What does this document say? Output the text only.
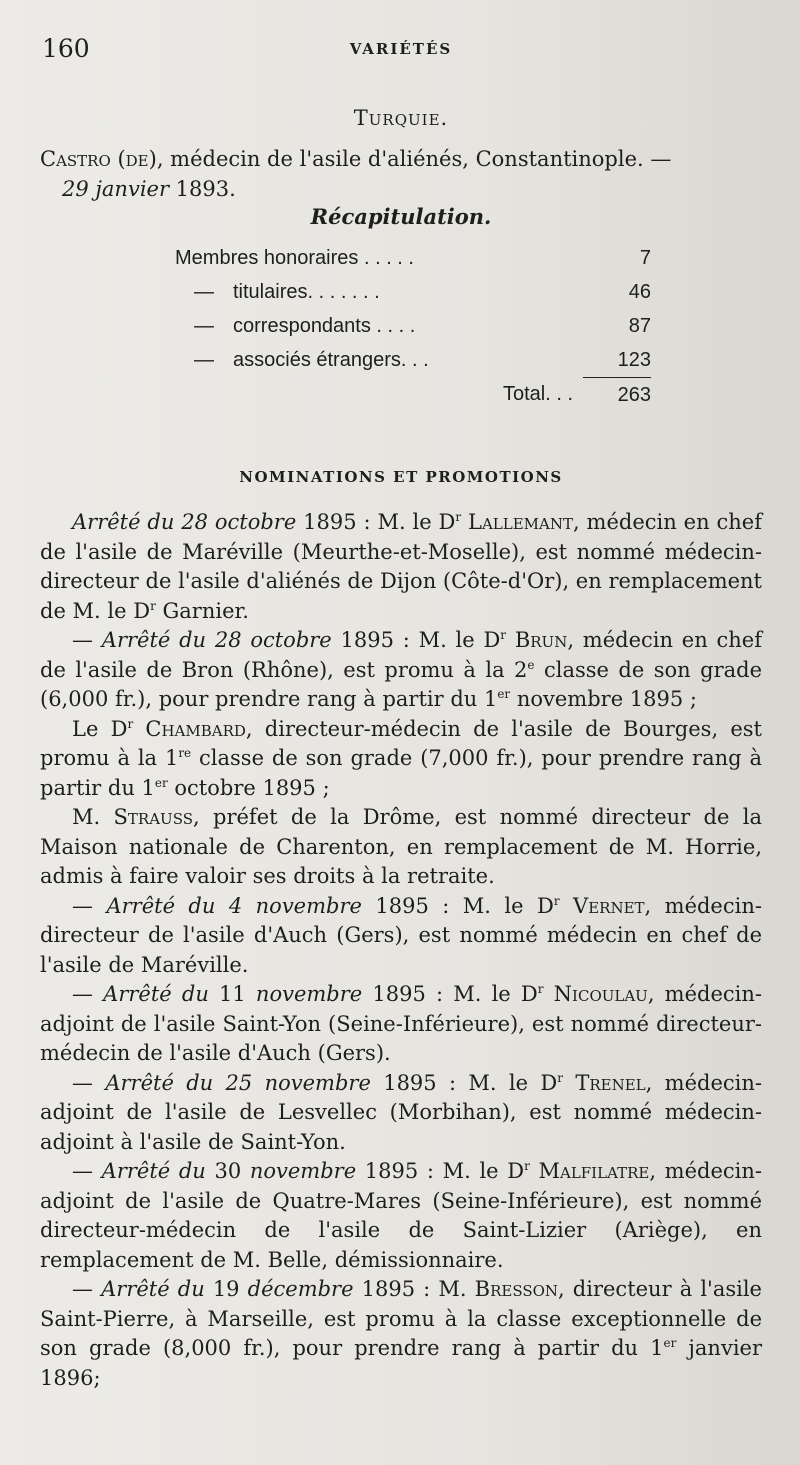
160	VARIÉTÉS
Turquie.
Castro (de), médecin de l'asile d'aliénés, Constantinople. —
29 janvier 1893.
Récapitulation.
Membres honoraires . . . . .		7
—	titulaires. . . . . . .	46
—	correspondants . . . .	87
—	associés étrangers. . .	123
	Total. . .	263
NOMINATIONS ET PROMOTIONS

Arrêté du 28 octobre 1895 : M. le $D^r$ Lallemant, médecin en chef de l'asile de Maréville (Meurthe-et-Moselle), est nommé médecin-directeur de l'asile d'aliénés de Dijon (Côte-d'Or), en remplacement de M. le $D^r$ Garnier.

— Arrêté du 28 octobre 1895 : M. le $D^r$ Brun, médecin en chef de l'asile de Bron (Rhône), est promu à la 2e classe de son grade (6,000 fr.), pour prendre rang à partir du 1er novembre 1895 ;

Le $D^r$ Chambard, directeur-médecin de l'asile de Bourges, est promu à la 1re classe de son grade (7,000 fr.), pour prendre rang à partir du 1er octobre 1895 ;

M. Strauss, préfet de la Drôme, est nommé directeur de la Maison nationale de Charenton, en remplacement de M. Horrie, admis à faire valoir ses droits à la retraite.

— Arrêté du 4 novembre 1895 : M. le $D^r$ Vernet, médecin-directeur de l'asile d'Auch (Gers), est nommé médecin en chef de l'asile de Maréville.

— Arrêté du 11 novembre 1895 : M. le $D^r$ Nicoulau, médecin-adjoint de l'asile Saint-Yon (Seine-Inférieure), est nommé directeur-médecin de l'asile d'Auch (Gers).

— Arrêté du 25 novembre 1895 : M. le $D^r$ Trenel, médecin-adjoint de l'asile de Lesvellec (Morbihan), est nommé médecin-adjoint à l'asile de Saint-Yon.

— Arrêté du 30 novembre 1895 : M. le $D^r$ Malfilatre, médecin-adjoint de l'asile de Quatre-Mares (Seine-Inférieure), est nommé directeur-médecin de l'asile de Saint-Lizier (Ariège), en remplacement de M. Belle, démissionnaire.

— Arrêté du 19 décembre 1895 : M. Bresson, directeur à l'asile Saint-Pierre, à Marseille, est promu à la classe exceptionnelle de son grade (8,000 fr.), pour prendre rang à partir du 1er janvier 1896;
